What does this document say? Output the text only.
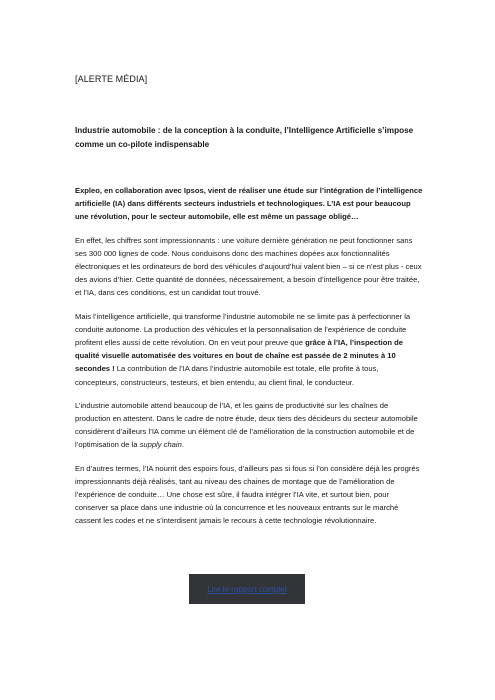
[ALERTE MÉDIA]
Industrie automobile : de la conception à la conduite, l’Intelligence Artificielle s’impose comme un co-pilote indispensable

Expleo, en collaboration avec Ipsos, vient de réaliser une étude sur l’intégration de l’intelligence artificielle (IA) dans différents secteurs industriels et technologiques. L’IA est pour beaucoup une révolution, pour le secteur automobile, elle est même un passage obligé…

En effet, les chiffres sont impressionnants : une voiture dernière génération ne peut fonctionner sans ses 300 000 lignes de code. Nous conduisons donc des machines dopées aux fonctionnalités électroniques et les ordinateurs de bord des véhicules d’aujourd’hui valent bien – si ce n’est plus - ceux des avions d’hier. Cette quantité de données, nécessairement, a besoin d’intelligence pour être traitée, et l’IA, dans ces conditions, est un candidat tout trouvé.

Mais l’intelligence artificielle, qui transforme l’industrie automobile ne se limite pas à perfectionner la conduite autonome. La production des véhicules et la personnalisation de l’expérience de conduite profitent elles aussi de cette révolution. On en veut pour preuve que grâce à l’IA, l’inspection de qualité visuelle automatisée des voitures en bout de chaîne est passée de 2 minutes à 10 secondes ! La contribution de l’IA dans l’industrie automobile est totale, elle profite à tous, concepteurs, constructeurs, testeurs, et bien entendu, au client final, le conducteur.

L’industrie automobile attend beaucoup de l’IA, et les gains de productivité sur les chaînes de production en attestent. Dans le cadre de notre étude, deux tiers des décideurs du secteur automobile considèrent d’ailleurs l’IA comme un élément clé de l’amélioration de la construction automobile et de l’optimisation de la supply chain.

En d’autres termes, l’IA nourrit des espoirs fous, d’ailleurs pas si fous si l’on considère déjà les progrès impressionnants déjà réalisés, tant au niveau des chaines de montage que de l’amélioration de l’expérience de conduite… Une chose est sûre, il faudra intégrer l’IA vite, et surtout bien, pour conserver sa place dans une industrie où la concurrence et les nouveaux entrants sur le marché cassent les codes et ne s’interdisent jamais le recours à cette technologie révolutionnaire.

Lire le rapport complet
